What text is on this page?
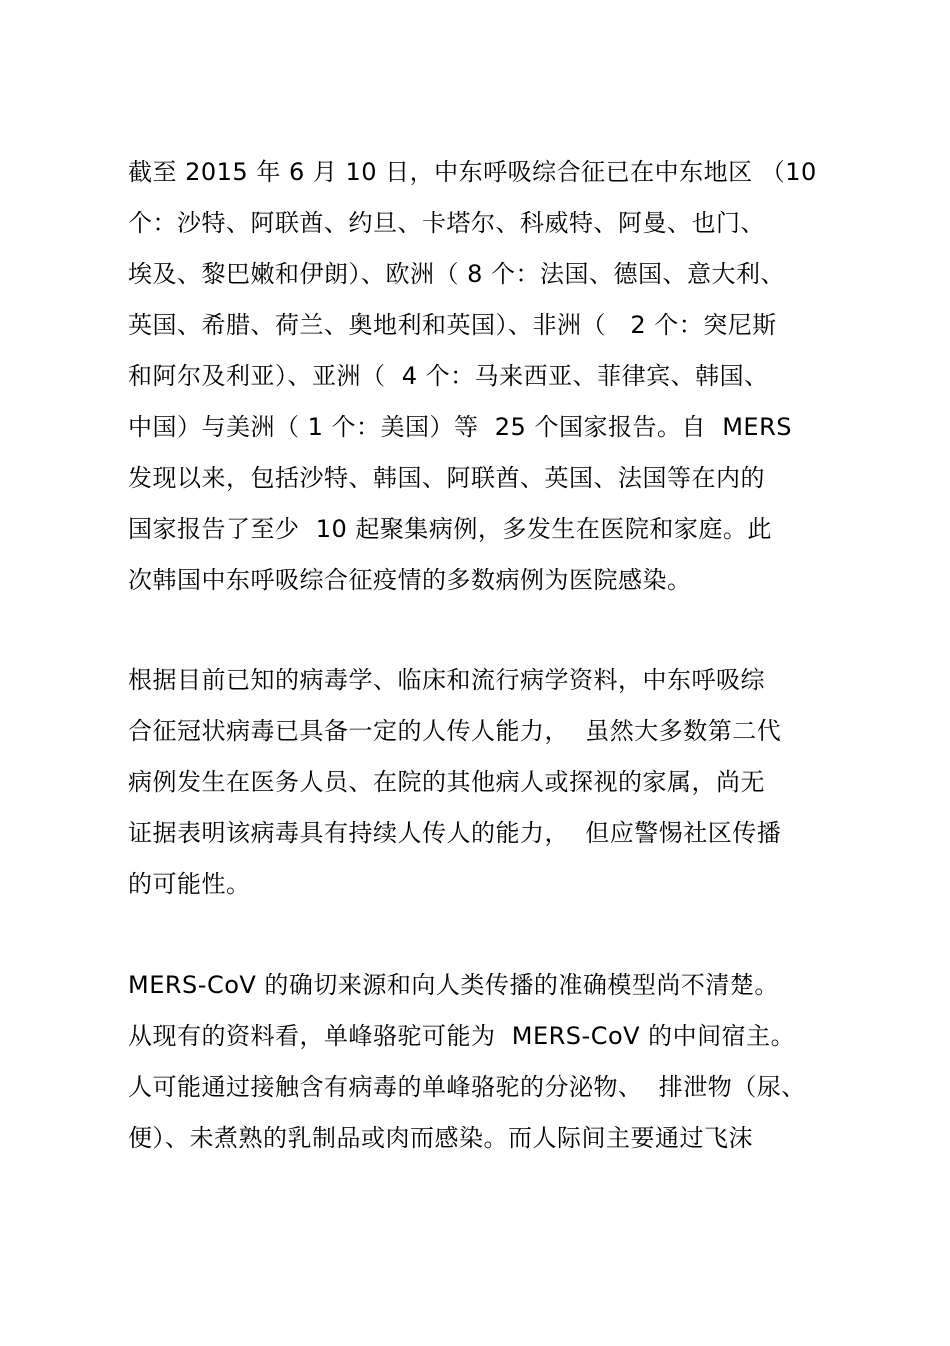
截至 2015 年 6 月 10 日，中东呼吸综合征已在中东地区 （10
个：沙特、阿联酋、约旦、卡塔尔、科威特、阿曼、也门、
埃及、黎巴嫩和伊朗）、欧洲（ 8 个：法国、德国、意大利、
英国、希腊、荷兰、奥地利和英国）、非洲（   2 个：突尼斯
和阿尔及利亚）、亚洲（  4 个：马来西亚、菲律宾、韩国、
中国）与美洲（ 1 个：美国）等  25 个国家报告。自  MERS
发现以来，包括沙特、韩国、阿联酋、英国、法国等在内的
国家报告了至少  10 起聚集病例，多发生在医院和家庭。此
次韩国中东呼吸综合征疫情的多数病例为医院感染。
根据目前已知的病毒学、临床和流行病学资料，中东呼吸综
合征冠状病毒已具备一定的人传人能力，  虽然大多数第二代
病例发生在医务人员、在院的其他病人或探视的家属，尚无
证据表明该病毒具有持续人传人的能力，  但应警惕社区传播
的可能性。
MERS-CoV 的确切来源和向人类传播的准确模型尚不清楚。
从现有的资料看，单峰骆驼可能为  MERS-CoV 的中间宿主。
人可能通过接触含有病毒的单峰骆驼的分泌物、  排泄物（尿、
便）、未煮熟的乳制品或肉而感染。而人际间主要通过飞沫
